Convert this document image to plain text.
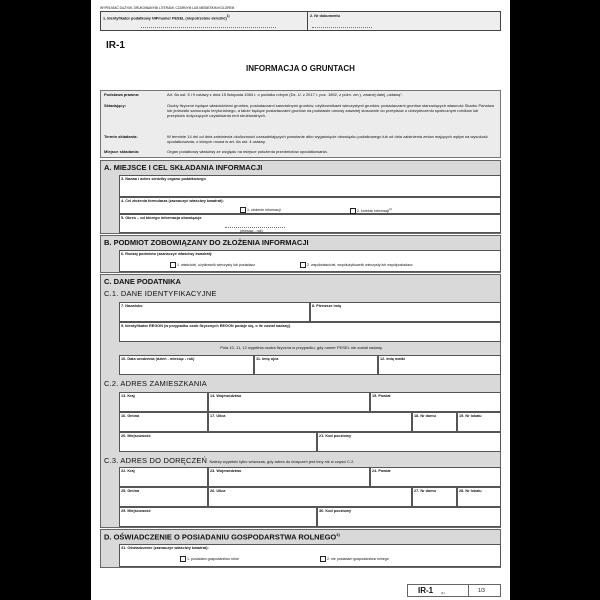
WYPEŁNIAĆ DUŻYMI, DRUKOWANYMI LITERAMI, CZARNYM LUB NIEBIESKIM KOLOREM
1. Identyfikator podatkowy NIP/numer PESEL (niepotrzebne skreślić)$^{1)}$	2. Nr dokumentu
IR-1
INFORMACJA O GRUNTACH
Podstawa prawna:	Art. 6a ust. 5 i 9 ustawy z dnia 15 listopada 1984 r. o podatku rolnym (Dz. U. z 2017 r. poz. 1892, z późn. zm.), zwanej dalej „ustawą”.
Składający:	Osoby fizyczne będące właścicielami gruntów, posiadaczami samoistnymi gruntów, użytkownikami wieczystymi gruntów, posiadaczami gruntów stanowiących własność Skarbu Państwa lub jednostki samorządu terytorialnego, a także będące posiadaczami gruntów na podstawie umowy zawartej stosownie do przepisów o ubezpieczeniu społecznym rolników lub przepisów dotyczących uzyskiwania rent strukturalnych.
Termin składania:	W terminie 14 dni od dnia zaistnienia okoliczności uzasadniających powstanie albo wygaśnięcie obowiązku podatkowego lub od dnia zaistnienia zmian mających wpływ na wysokość opodatkowania, o których mowa w art. 6a ust. 4 ustawy.
Miejsce składania:	Organ podatkowy właściwy ze względu na miejsce położenia przedmiotów opodatkowania.
A. MIEJSCE I CEL SKŁADANIA INFORMACJI
3. Nazwa i adres siedziby organu podatkowego
4. Cel złożenia formularza (zaznaczyć właściwy kwadrat):
1. złożenie informacji	2. korekta informacji$^{2)}$
5. Okres – od którego informacja obowiązuje
(miesiąc - rok)
B. PODMIOT ZOBOWIĄZANY DO ZŁOŻENIA INFORMACJI
6. Rodzaj podmiotu (zaznaczyć właściwy kwadrat):
1. właściciel, użytkownik wieczysty lub posiadacz	2. współwłaściciel, współużytkownik wieczysty lub współposiadacz
C. DANE PODATNIKA
C.1. DANE IDENTYFIKACYJNE
7. Nazwisko	8. Pierwsze imię
9. Identyfikator REGON (w przypadku osób fizycznych REGON podaje się, o ile został nadany)
Pola 10, 11, 12 wypełnia osoba fizyczna w przypadku, gdy numer PESEL nie został nadany.
10. Data urodzenia (dzień - miesiąc - rok)	11. Imię ojca	12. Imię matki
C.2. ADRES ZAMIESZKANIA
13. Kraj	14. Województwo	15. Powiat
16. Gmina	17. Ulica	18. Nr domu	19. Nr lokalu
20. Miejscowość	21. Kod pocztowy
C.3. ADRES DO DORĘCZEŃ Należy wypełnić tylko wówczas, gdy adres do doręczeń jest inny niż w części C.2.
22. Kraj	23. Województwo	24. Powiat
25. Gmina	26. Ulica	27. Nr domu	28. Nr lokalu
29. Miejscowość	30. Kod pocztowy
D. OŚWIADCZENIE O POSIADANIU GOSPODARSTWA ROLNEGO$^{3)}$
31. Oświadczenie (zaznaczyć właściwy kwadrat):
1. posiadam gospodarstwo rolne	2. nie posiadam gospodarstwa rolnego
IR-1	(1)	1/3
